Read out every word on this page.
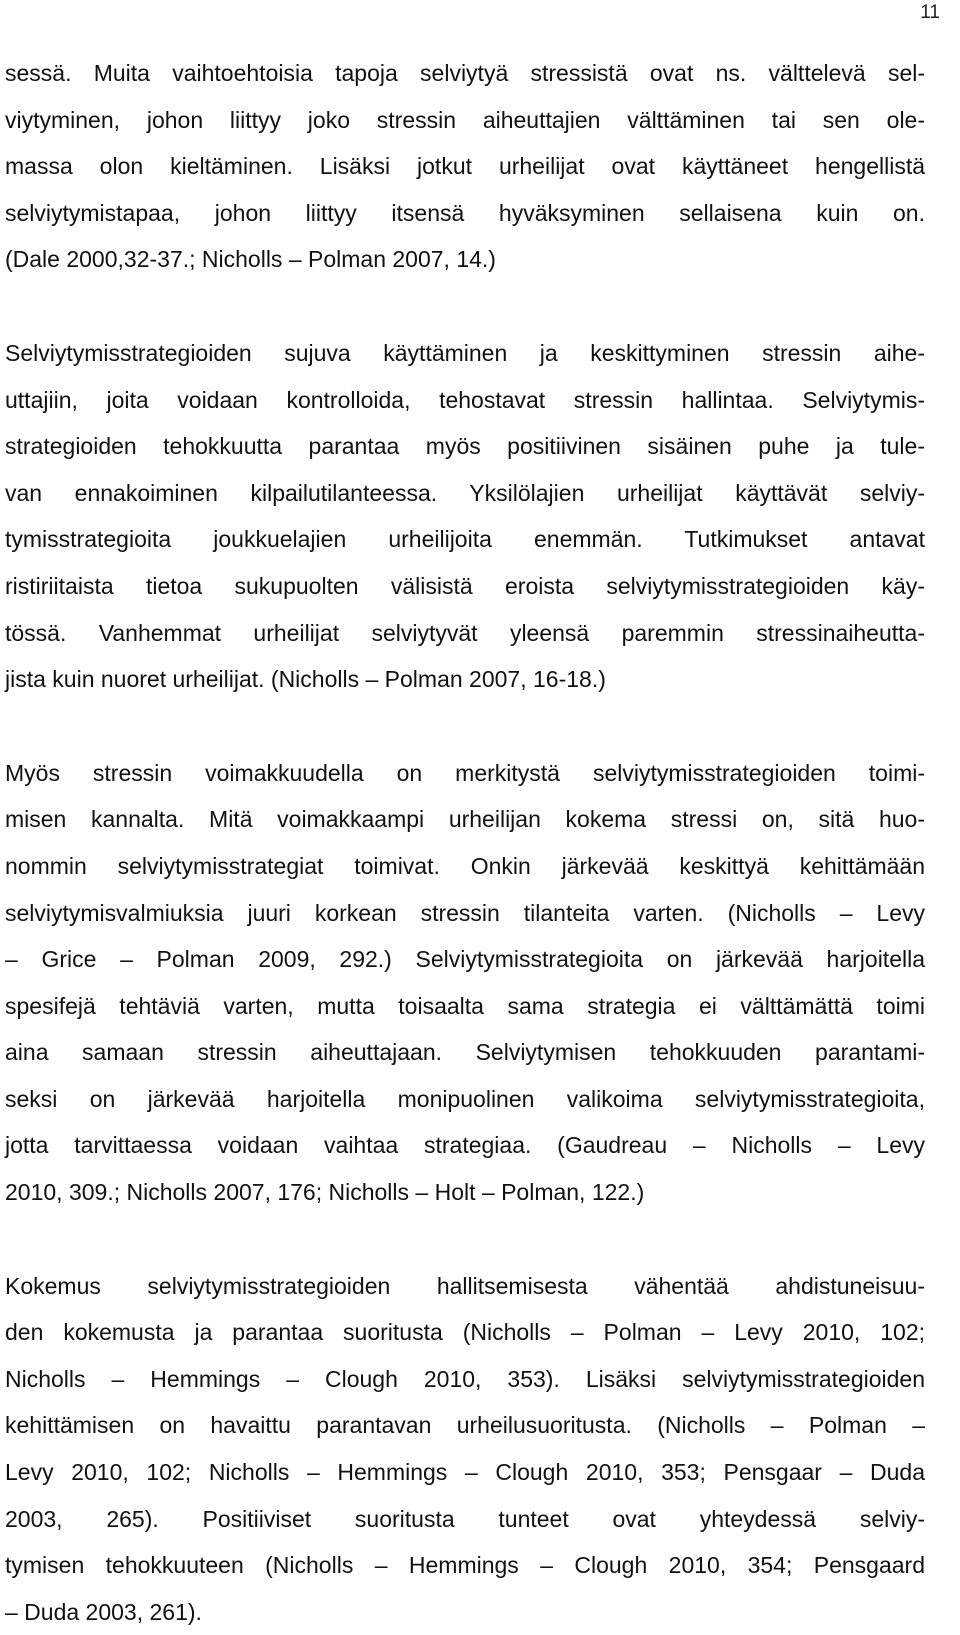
11
sessä. Muita vaihtoehtoisia tapoja selviytyä stressistä ovat ns. välttelevä sel-
viytyminen, johon liittyy joko stressin aiheuttajien välttäminen tai sen ole-
massa olon kieltäminen. Lisäksi jotkut urheilijat ovat käyttäneet hengellistä
selviytymistapaa, johon liittyy itsensä hyväksyminen sellaisena kuin on.
(Dale 2000,32-37.; Nicholls – Polman 2007, 14.)
Selviytymisstrategioiden sujuva käyttäminen ja keskittyminen stressin aihe-
uttajiin, joita voidaan kontrolloida, tehostavat stressin hallintaa. Selviytymis-
strategioiden tehokkuutta parantaa myös positiivinen sisäinen puhe ja tule-
van ennakoiminen kilpailutilanteessa. Yksilölajien urheilijat käyttävät selviy-
tymisstrategioita joukkuelajien urheilijoita enemmän. Tutkimukset antavat
ristiriitaista tietoa sukupuolten välisistä eroista selviytymisstrategioiden käy-
tössä. Vanhemmat urheilijat selviytyvät yleensä paremmin stressinaiheutta-
jista kuin nuoret urheilijat. (Nicholls – Polman 2007, 16-18.)
Myös stressin voimakkuudella on merkitystä selviytymisstrategioiden toimi-
misen kannalta. Mitä voimakkaampi urheilijan kokema stressi on, sitä huo-
nommin selviytymisstrategiat toimivat. Onkin järkevää keskittyä kehittämään
selviytymisvalmiuksia juuri korkean stressin tilanteita varten. (Nicholls – Levy
– Grice – Polman 2009, 292.) Selviytymisstrategioita on järkevää harjoitella
spesifejä tehtäviä varten, mutta toisaalta sama strategia ei välttämättä toimi
aina samaan stressin aiheuttajaan. Selviytymisen tehokkuuden parantami-
seksi on järkevää harjoitella monipuolinen valikoima selviytymisstrategioita,
jotta tarvittaessa voidaan vaihtaa strategiaa. (Gaudreau – Nicholls – Levy
2010, 309.; Nicholls 2007, 176; Nicholls – Holt – Polman, 122.)
Kokemus selviytymisstrategioiden hallitsemisesta vähentää ahdistuneisuu-
den kokemusta ja parantaa suoritusta (Nicholls – Polman – Levy 2010, 102;
Nicholls – Hemmings – Clough 2010, 353). Lisäksi selviytymisstrategioiden
kehittämisen on havaittu parantavan urheilusuoritusta. (Nicholls – Polman –
Levy 2010, 102; Nicholls – Hemmings – Clough 2010, 353; Pensgaar – Duda
2003, 265). Positiiviset suoritusta tunteet ovat yhteydessä selviy-
tymisen tehokkuuteen (Nicholls – Hemmings – Clough 2010, 354; Pensgaard
– Duda 2003, 261).
